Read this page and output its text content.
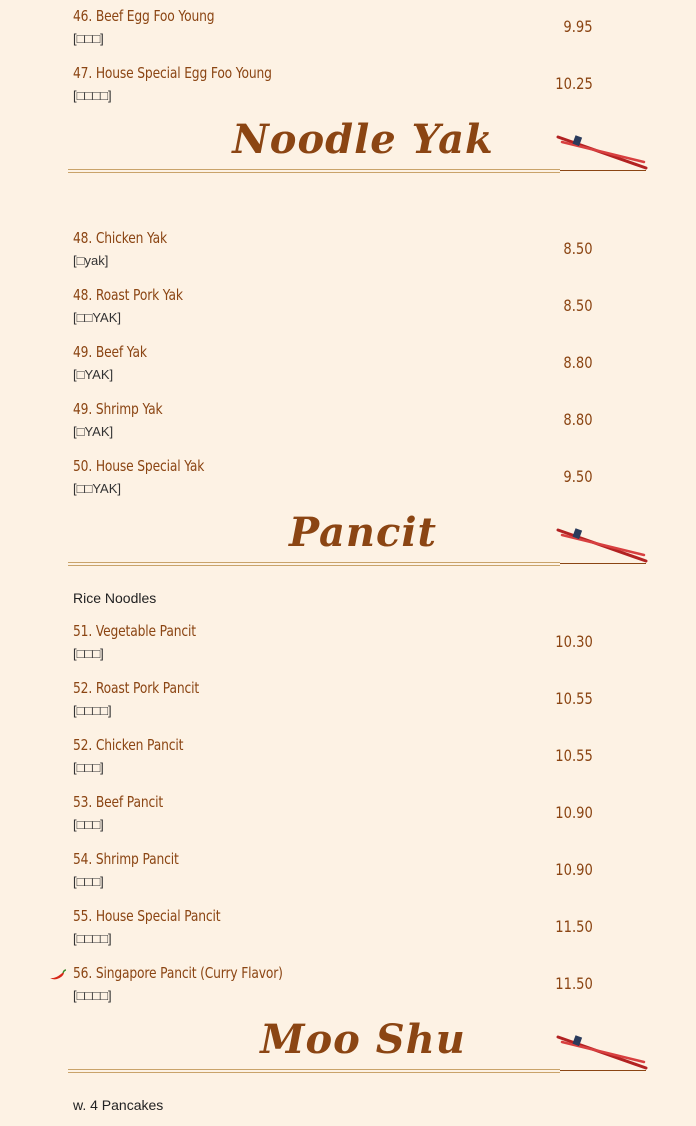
46. Beef Egg Foo Young
[□□□]
9.95
47. House Special Egg Foo Young
[□□□□]
10.25
Noodle Yak
48. Chicken Yak
[□yak]
8.50
48. Roast Pork Yak
[□□YAK]
8.50
49. Beef Yak
[□YAK]
8.80
49. Shrimp Yak
[□YAK]
8.80
50. House Special Yak
[□□YAK]
9.50
Pancit
Rice Noodles
51. Vegetable Pancit
[□□□]
10.30
52. Roast Pork Pancit
[□□□□]
10.55
52. Chicken Pancit
[□□□]
10.55
53. Beef Pancit
[□□□]
10.90
54. Shrimp Pancit
[□□□]
10.90
55. House Special Pancit
[□□□□]
11.50
56. Singapore Pancit (Curry Flavor)
[□□□□]
11.50
Moo Shu
w. 4 Pancakes
